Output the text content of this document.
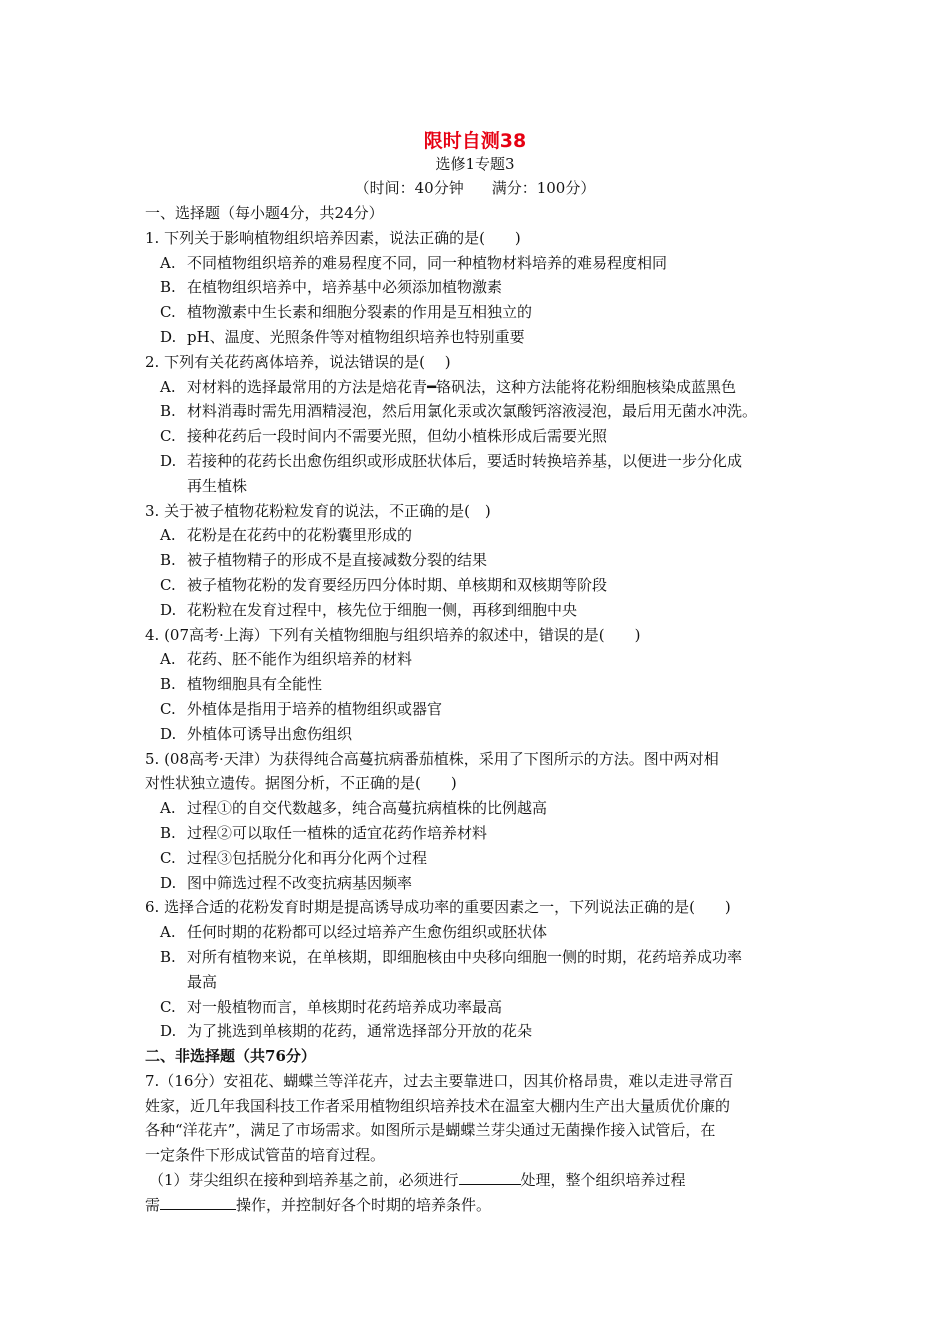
限时自测38
选修1专题3
（时间：40分钟 满分：100分）
一、选择题（每小题4分，共24分）
1. 下列关于影响植物组织培养因素，说法正确的是(　　)
A. 不同植物组织培养的难易程度不同，同一种植物材料培养的难易程度相同
B. 在植物组织培养中，培养基中必须添加植物激素
C. 植物激素中生长素和细胞分裂素的作用是互相独立的
D. pH、温度、光照条件等对植物组织培养也特别重要
2. 下列有关花药离体培养，说法错误的是(　 )
A. 对材料的选择最常用的方法是焙花青━铬矾法，这种方法能将花粉细胞核染成蓝黑色
B. 材料消毒时需先用酒精浸泡，然后用氯化汞或次氯酸钙溶液浸泡，最后用无菌水冲洗。
C. 接种花药后一段时间内不需要光照，但幼小植株形成后需要光照
D. 若接种的花药长出愈伤组织或形成胚状体后，要适时转换培养基，以便进一步分化成
再生植株
3. 关于被子植物花粉粒发育的说法，不正确的是(　)
A. 花粉是在花药中的花粉囊里形成的
B. 被子植物精子的形成不是直接减数分裂的结果
C. 被子植物花粉的发育要经历四分体时期、单核期和双核期等阶段
D. 花粉粒在发育过程中，核先位于细胞一侧，再移到细胞中央
4. (07高考·上海）下列有关植物细胞与组织培养的叙述中，错误的是(　　)
A. 花药、胚不能作为组织培养的材料
B. 植物细胞具有全能性
C. 外植体是指用于培养的植物组织或器官
D. 外植体可诱导出愈伤组织
5. (08高考·天津）为获得纯合高蔓抗病番茄植株，采用了下图所示的方法。图中两对相
对性状独立遗传。据图分析，不正确的是(　　)
A. 过程①的自交代数越多，纯合高蔓抗病植株的比例越高
B. 过程②可以取任一植株的适宜花药作培养材料
C. 过程③包括脱分化和再分化两个过程
D. 图中筛选过程不改变抗病基因频率
6. 选择合适的花粉发育时期是提高诱导成功率的重要因素之一，下列说法正确的是(　　)
A. 任何时期的花粉都可以经过培养产生愈伤组织或胚状体
B. 对所有植物来说，在单核期，即细胞核由中央移向细胞一侧的时期，花药培养成功率
最高
C. 对一般植物而言，单核期时花药培养成功率最高
D. 为了挑选到单核期的花药，通常选择部分开放的花朵
二、非选择题（共76分）
7.（16分）安祖花、蝴蝶兰等洋花卉，过去主要靠进口，因其价格昂贵，难以走进寻常百
姓家，近几年我国科技工作者采用植物组织培养技术在温室大棚内生产出大量质优价廉的
各种“洋花卉”，满足了市场需求。如图所示是蝴蝶兰芽尖通过无菌操作接入试管后，在
一定条件下形成试管苗的培育过程。
（1）芽尖组织在接种到培养基之前，必须进行	处理，整个组织培养过程
需	操作，并控制好各个时期的培养条件。
